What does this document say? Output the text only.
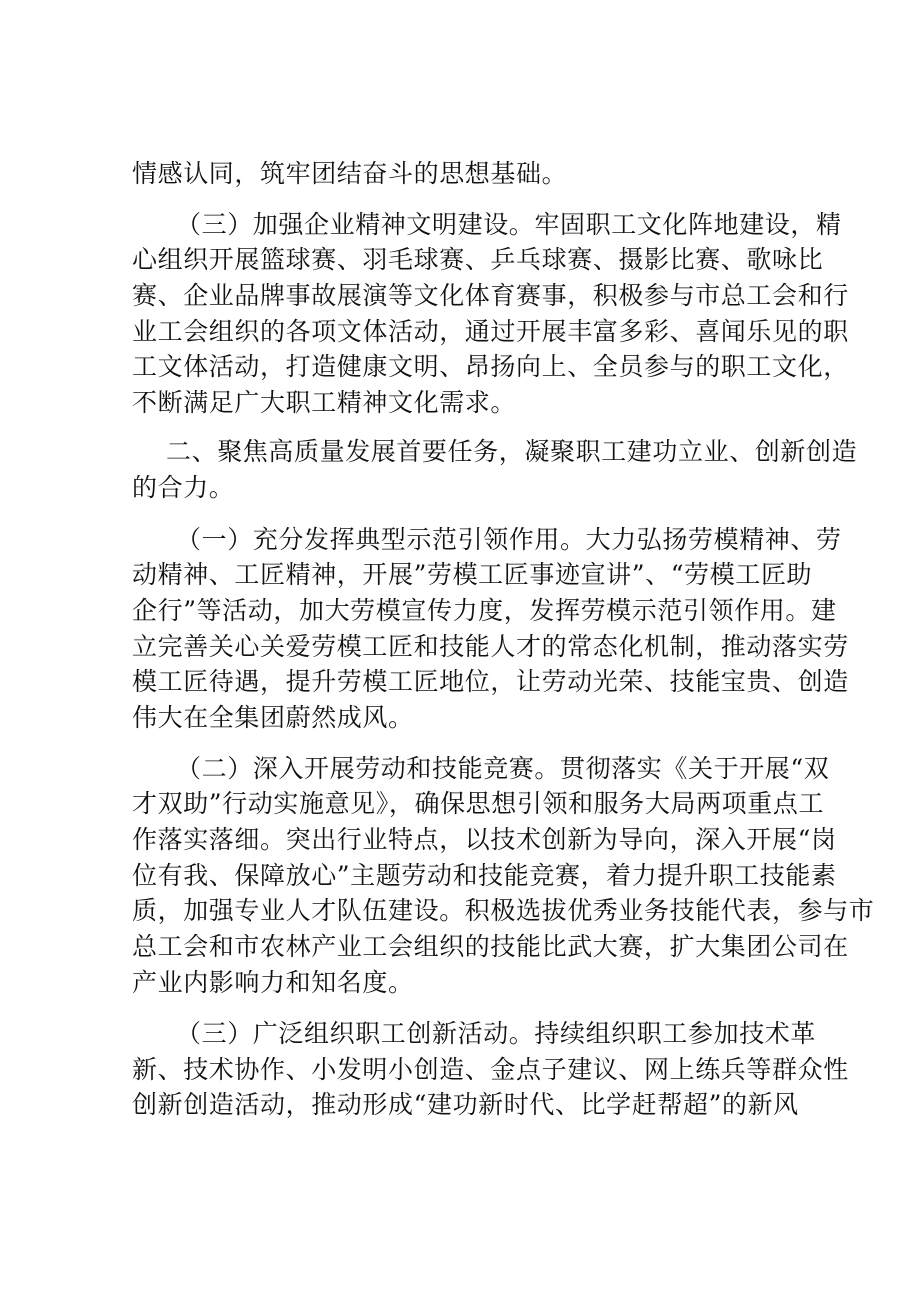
情感认同，筑牢团结奋斗的思想基础。
（三）加强企业精神文明建设。牢固职工文化阵地建设，精
心组织开展篮球赛、羽毛球赛、乒乓球赛、摄影比赛、歌咏比
赛、企业品牌事故展演等文化体育赛事，积极参与市总工会和行
业工会组织的各项文体活动，通过开展丰富多彩、喜闻乐见的职
工文体活动，打造健康文明、昂扬向上、全员参与的职工文化，
不断满足广大职工精神文化需求。
二、聚焦高质量发展首要任务，凝聚职工建功立业、创新创造
的合力。
（一）充分发挥典型示范引领作用。大力弘扬劳模精神、劳
动精神、工匠精神，开展”劳模工匠事迹宣讲”、“劳模工匠助
企行”等活动，加大劳模宣传力度，发挥劳模示范引领作用。建
立完善关心关爱劳模工匠和技能人才的常态化机制，推动落实劳
模工匠待遇，提升劳模工匠地位，让劳动光荣、技能宝贵、创造
伟大在全集团蔚然成风。
（二）深入开展劳动和技能竞赛。贯彻落实《关于开展“双
才双助”行动实施意见》，确保思想引领和服务大局两项重点工
作落实落细。突出行业特点，以技术创新为导向，深入开展“岗
位有我、保障放心”主题劳动和技能竞赛，着力提升职工技能素
质，加强专业人才队伍建设。积极选拔优秀业务技能代表，参与市
总工会和市农林产业工会组织的技能比武大赛，扩大集团公司在
产业内影响力和知名度。
（三）广泛组织职工创新活动。持续组织职工参加技术革
新、技术协作、小发明小创造、金点子建议、网上练兵等群众性
创新创造活动，推动形成“建功新时代、比学赶帮超”的新风
